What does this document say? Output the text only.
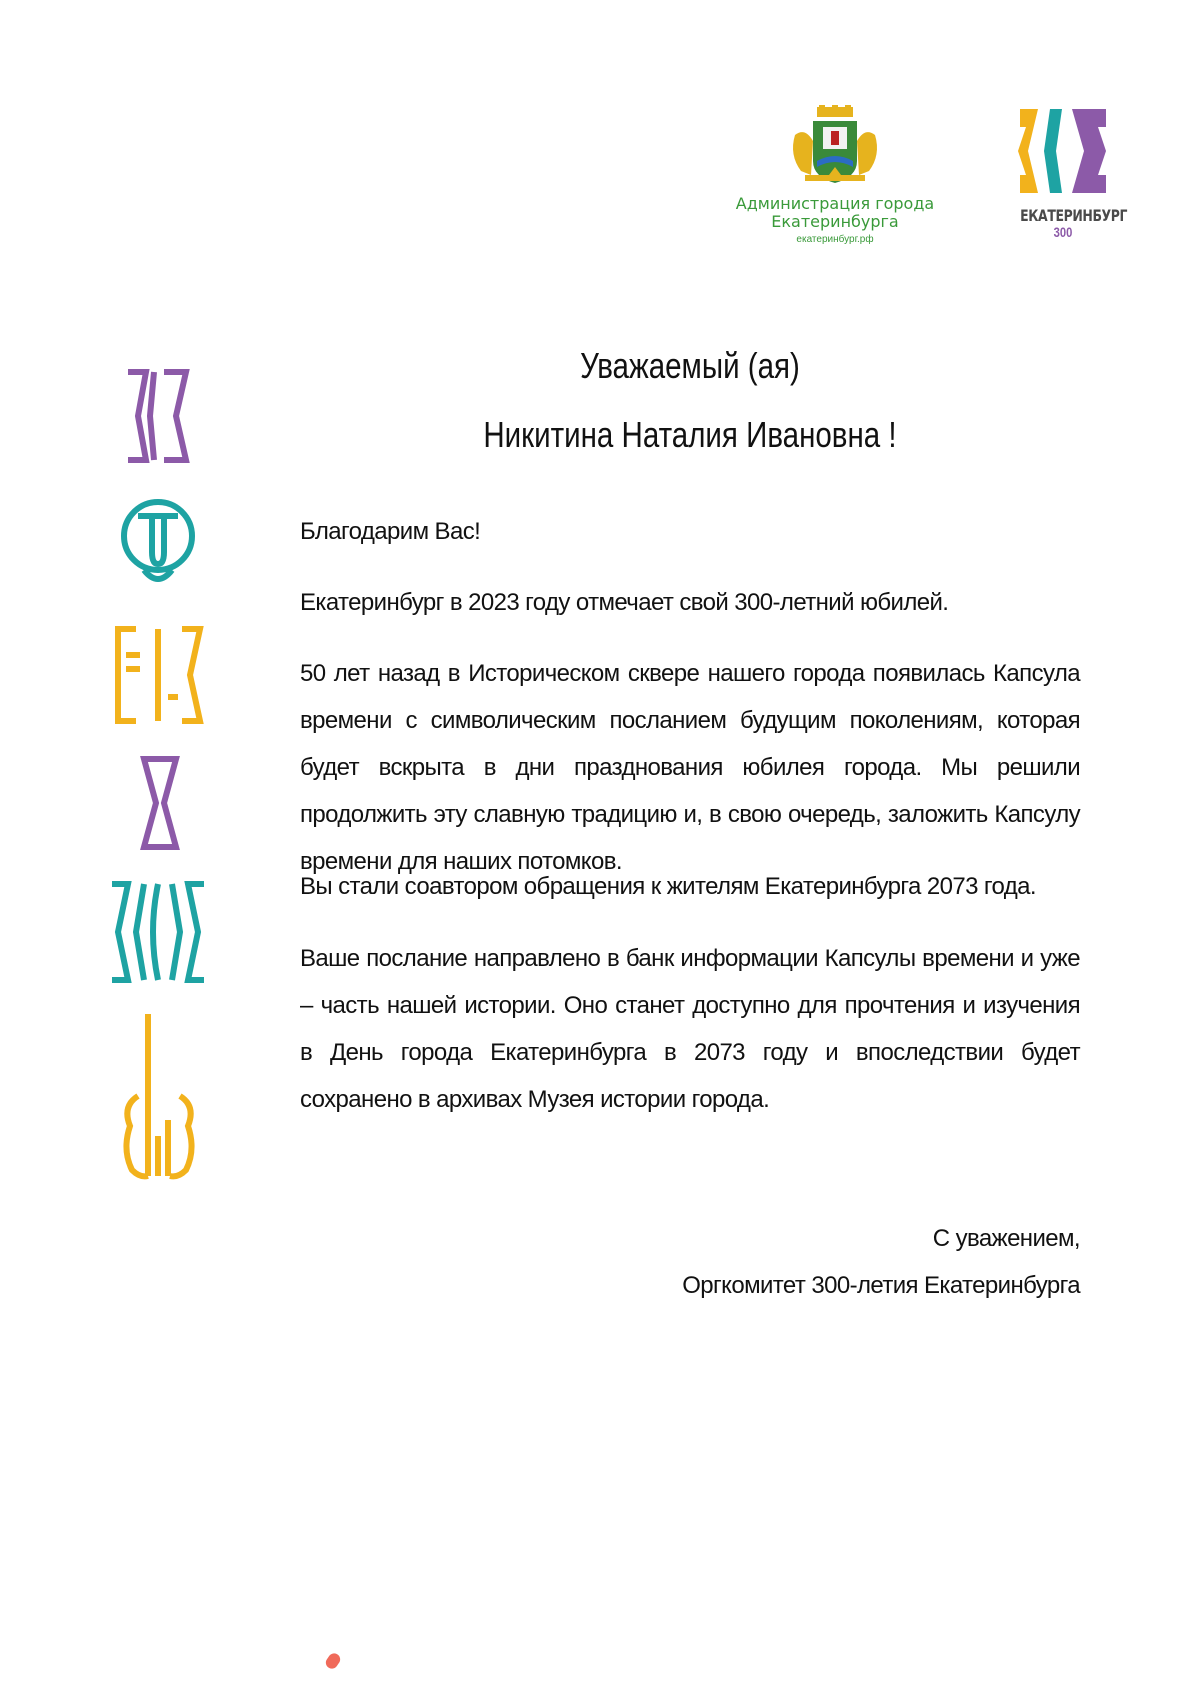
Администрация города
Екатеринбурга
екатеринбург.рф
ЕКАТЕРИНБУРГ
300
Уважаемый (ая)
Никитина Наталия Ивановна !

Благодарим Вас!

Екатеринбург в 2023 году отмечает свой 300-летний юбилей.

50 лет назад в Историческом сквере нашего города появилась Капсула времени с символическим посланием будущим поколениям, которая будет вскрыта в дни празднования юбилея города. Мы решили продолжить эту славную традицию и, в свою очередь, заложить Капсулу времени для наших потомков.

Вы стали соавтором обращения к жителям Екатеринбурга 2073 года.

Ваше послание направлено в банк информации Капсулы времени и уже – часть нашей истории. Оно станет доступно для прочтения и изучения в День города Екатеринбурга в 2073 году и впоследствии будет сохранено в архивах Музея истории города.

С уважением,
Оргкомитет 300-летия Екатеринбурга
